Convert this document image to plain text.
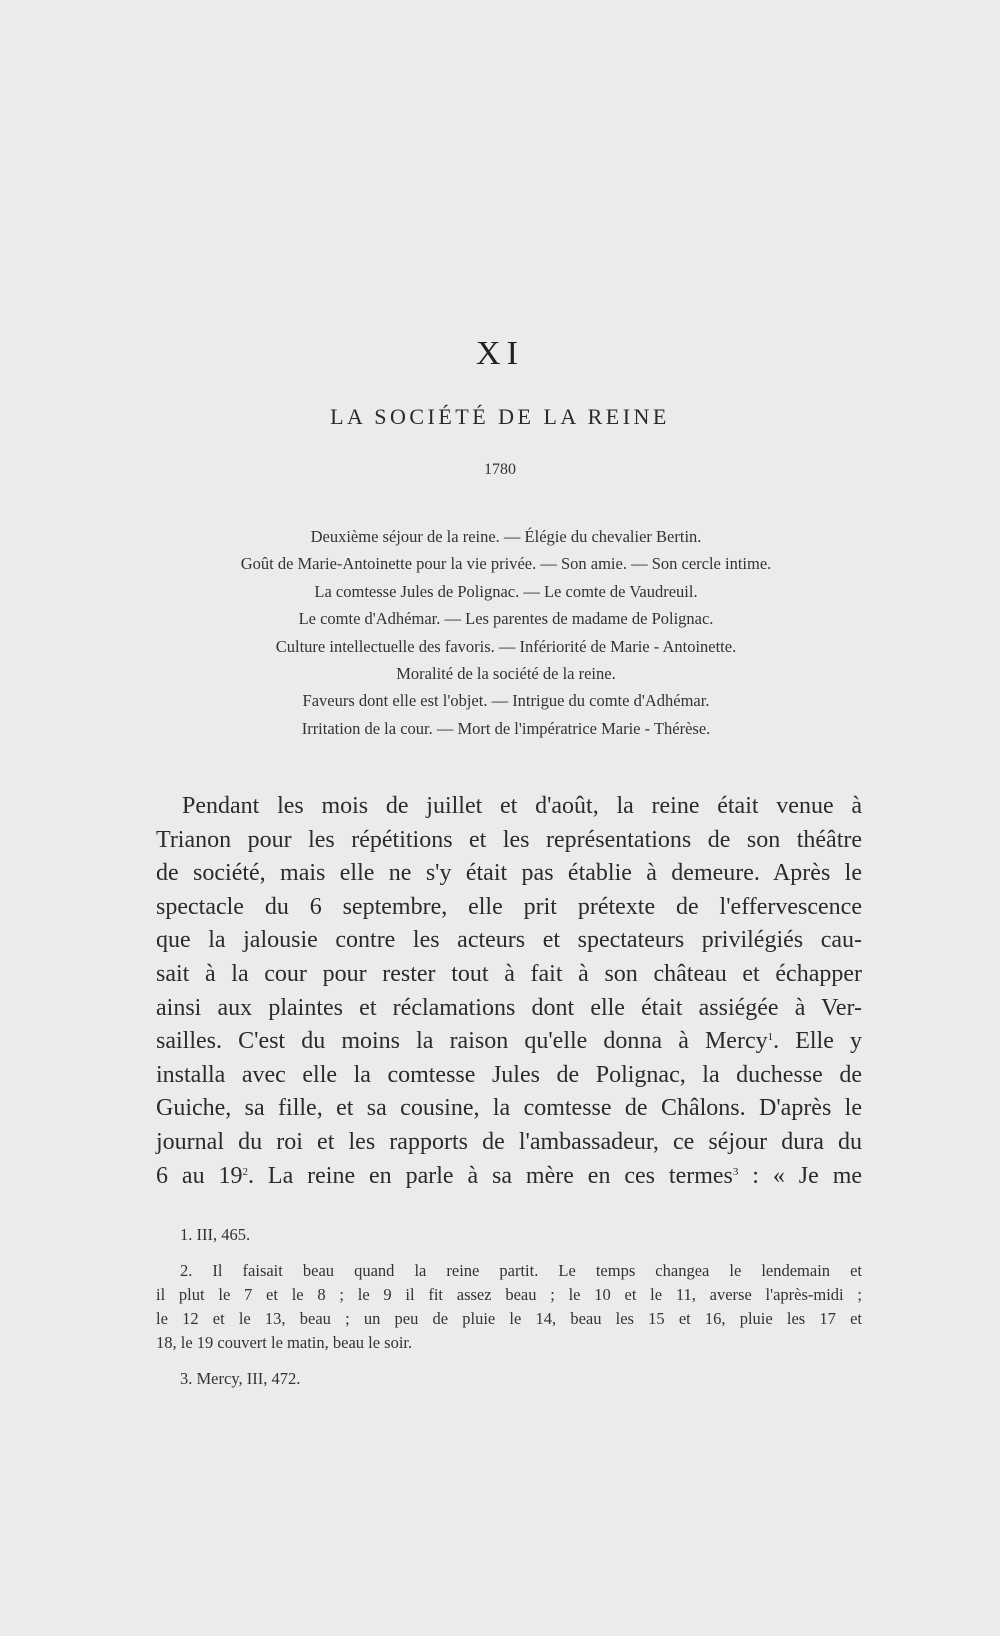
XI
LA SOCIÉTÉ DE LA REINE
1780
Deuxième séjour de la reine. — Élégie du chevalier Bertin.
Goût de Marie-Antoinette pour la vie privée. — Son amie. — Son cercle intime.
La comtesse Jules de Polignac. — Le comte de Vaudreuil.
Le comte d'Adhémar. — Les parentes de madame de Polignac.
Culture intellectuelle des favoris. — Infériorité de Marie - Antoinette.
Moralité de la société de la reine.
Faveurs dont elle est l'objet. — Intrigue du comte d'Adhémar.
Irritation de la cour. — Mort de l'impératrice Marie - Thérèse.
Pendant les mois de juillet et d'août, la reine était venue à
Trianon pour les répétitions et les représentations de son théâtre
de société, mais elle ne s'y était pas établie à demeure. Après le
spectacle du 6 septembre, elle prit prétexte de l'effervescence
que la jalousie contre les acteurs et spectateurs privilégiés cau-
sait à la cour pour rester tout à fait à son château et échapper
ainsi aux plaintes et réclamations dont elle était assiégée à Ver-
sailles. C'est du moins la raison qu'elle donna à Mercy$^1$. Elle y
installa avec elle la comtesse Jules de Polignac, la duchesse de
Guiche, sa fille, et sa cousine, la comtesse de Châlons. D'après le
journal du roi et les rapports de l'ambassadeur, ce séjour dura du
6 au $19^2$. La reine en parle à sa mère en ces termes$^3$ : « Je me
1. III, 465.
2. Il faisait beau quand la reine partit. Le temps changea le lendemain et
il plut le 7 et le 8 ; le 9 il fit assez beau ; le 10 et le 11, averse l'après-midi ;
le 12 et le 13, beau ; un peu de pluie le 14, beau les 15 et 16, pluie les 17 et
18, le 19 couvert le matin, beau le soir.
3. Mercy, III, 472.
